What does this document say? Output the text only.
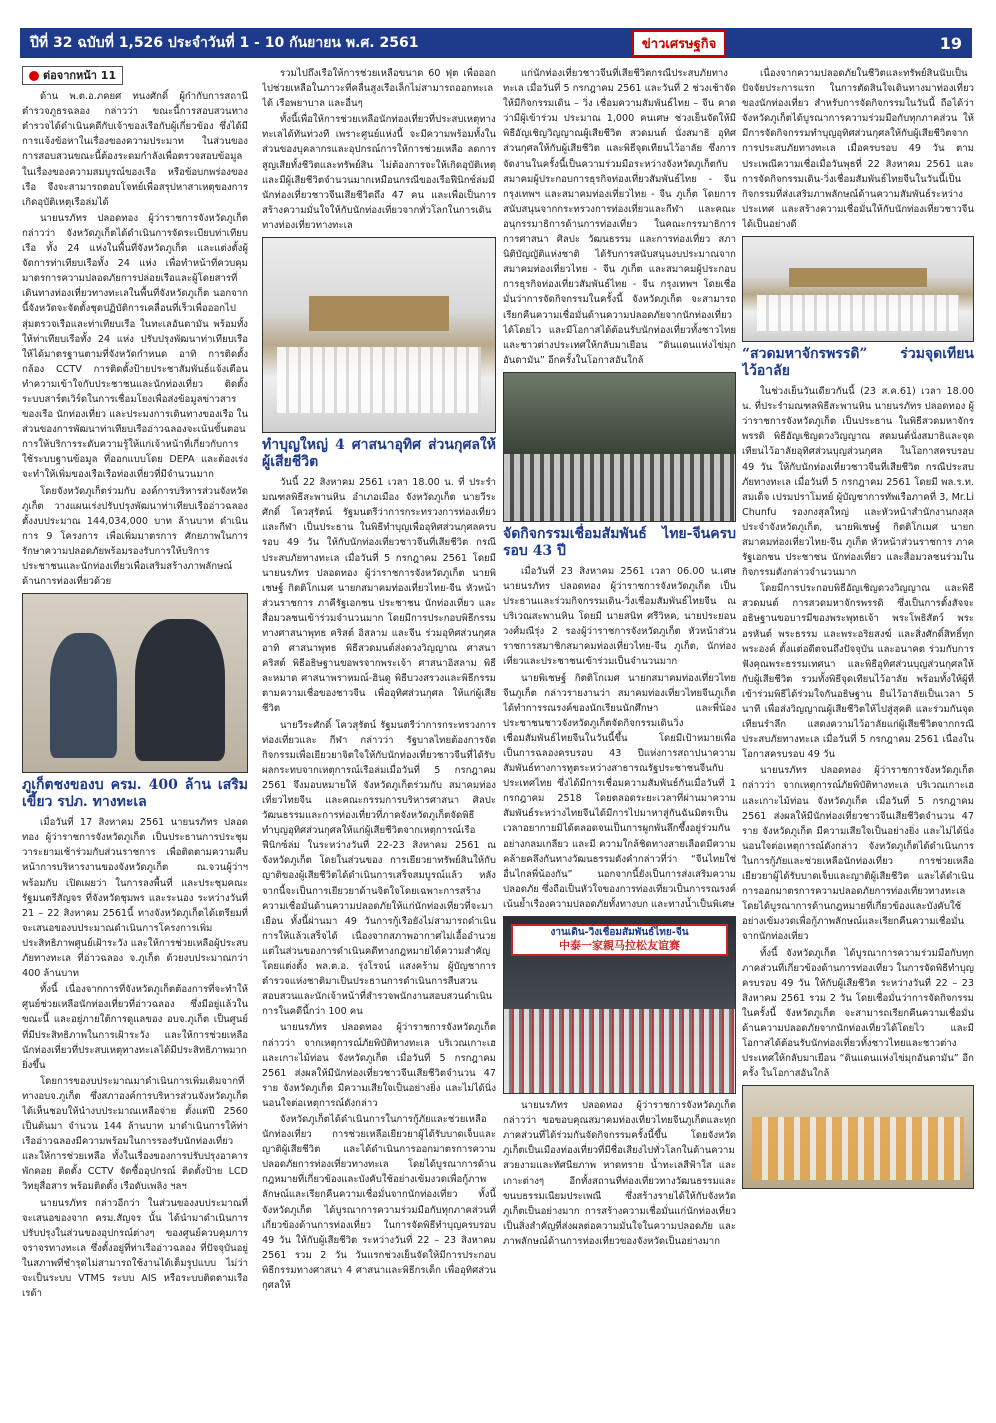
ปีที่ 32 ฉบับที่ 1,526 ประจำวันที่ 1 - 10 กันยายน พ.ศ. 2561	ข่าวเศรษฐกิจ	19
ต่อจากหน้า 11

ด้าน พ.ต.อ.ภคยศ ทนงศักดิ์ ผู้กำกับการสถานีตำรวจภูธรฉลอง กล่าวว่า ขณะนี้การสอบสวนทางตำรวจได้ดำเนินคดีกับเจ้าของเรือกับผู้เกี่ยวข้อง ซึ่งได้มีการแจ้งข้อหาในเรื่องของความประมาท ในส่วนของการสอบสวนขณะนี้ต้องระดมกำลังเพื่อตรวจสอบข้อมูลในเรื่องของความสมบูรณ์ของเรือ หรือข้อบกพร่องของเรือ จึงจะสามารถตอบโจทย์เพื่อสรุปหาสาเหตุของการเกิดอุบัติเหตุเรือล่มได้

นายนรภัทร ปลอดทอง ผู้ว่าราชการจังหวัดภูเก็ต กล่าวว่า จังหวัดภูเก็ตได้ดำเนินการจัดระเบียบท่าเทียบเรือ ทั้ง 24 แห่งในพื้นที่จังหวัดภูเก็ต และแต่งตั้งผู้จัดการท่าเทียบเรือทั้ง 24 แห่ง เพื่อทำหน้าที่ควบคุมมาตรการความปลอดภัยการปล่อยเรือและผู้โดยสารที่เดินทางท่องเที่ยวทางทะเลในพื้นที่จังหวัดภูเก็ต นอกจากนี้จังหวัดจะจัดตั้งชุดปฏิบัติการเคลื่อนที่เร็วเพื่อออกไปสุ่มตรวจเรือและท่าเทียบเรือ ในทะเลอันดามัน พร้อมทั้งให้ท่าเทียบเรือทั้ง 24 แห่ง ปรับปรุงพัฒนาท่าเทียบเรือให้ได้มาตรฐานตามที่จังหวัดกำหนด อาทิ การติดตั้งกล้อง CCTV การติดตั้งป้ายประชาสัมพันธ์แจ้งเตือนทำความเข้าใจกับประชาชนและนักท่องเที่ยว ติดตั้งระบบสาร์ตเวิร์ดในการเชื่อมโยงเพื่อส่งข้อมูลข่าวสาร ของเรือ นักท่องเที่ยว และประมงการเดินทางของเรือ ในส่วนของการพัฒนาท่าเทียบเรืออ่าวฉลองจะเน้นขั้นตอนการให้บริการระดับความรู้ให้แก่เจ้าหน้าที่เกี่ยวกับการใช้ระบบฐานข้อมูล ที่ออกแบบโดย DEPA และต้องเร่งจะทำให้เพิ่มของเรือเรือท่องเที่ยวที่มีจำนวนมาก

โดยจังหวัดภูเก็ตร่วมกับ องค์การบริหารส่วนจังหวัดภูเก็ต วางแผนเร่งปรับปรุงพัฒนาท่าเทียบเรืออ่าวฉลอง ตั้งงบประมาณ 144,034,000 บาท ล้านบาท ดำเนินการ 9 โครงการ เพื่อเพิ่มมาตรการ ศักยภาพในการรักษาความปลอดภัยพร้อมรองรับการให้บริการประชาชนและนักท่องเที่ยวเพื่อเสริมสร้างภาพลักษณ์ด้านการท่องเที่ยวด้วย

ภูเก็ตชงของบ ครม. 400 ล้าน เสริมเขี้ยว รปภ. ทางทะเล

เมื่อวันที่ 17 สิงหาคม 2561 นายนรภัทร ปลอดทอง ผู้ว่าราชการจังหวัดภูเก็ต เป็นประธานการประชุมวาระยามเช้าร่วมกับส่วนราชการ เพื่อติดตามความคืบหน้าการบริหารงานของจังหวัดภูเก็ต ณ.จวนผู้ว่าฯ พร้อมกับ เปิดเผยว่า ในการลงพื้นที่ และประชุมคณะรัฐมนตรีสัญจร ที่จังหวัดชุมพร และระนอง ระหว่างวันที่ 21 – 22 สิงหาคม 2561นี้ ทางจังหวัดภูเก็ตได้เตรียมที่จะเสนอของบประมาณดำเนินการโครงการเพิ่มประสิทธิภาพศูนย์เฝ้าระวัง และให้การช่วยเหลือผู้ประสบภัยทางทะเล ที่อ่าวฉลอง จ.ภูเก็ต ด้วยงบประมาณกว่า 400 ล้านบาท

ทั้งนี้ เนื่องจากการที่จังหวัดภูเก็ตต้องการที่จะทำให้ศูนย์ช่วยเหลือนักท่องเที่ยวที่อ่าวฉลอง ซึ่งมีอยู่แล้วในขณะนี้ และอยู่ภายใต้การดูแลของ อบจ.ภูเก็ต เป็นศูนย์ที่มีประสิทธิภาพในการเฝ้าระวัง และให้การช่วยเหลือนักท่องเที่ยวที่ประสบเหตุทางทะเลได้มีประสิทธิภาพมากยิ่งขึ้น

โดยการของบประมาณมาดำเนินการเพิ่มเติมจากที่ทางอบจ.ภูเก็ต ซึ่งสภาองค์การบริหารส่วนจังหวัดภูเก็ตได้เห็นชอบให้นำงบประมาณเหลือจ่าย ตั้งแต่ปี 2560 เป็นต้นมา จำนวน 144 ล้านบาท มาดำเนินการให้ท่าเรืออ่าวฉลองมีความพร้อมในการรองรับนักท่องเที่ยว และให้การช่วยเหลือ ทั้งในเรื่องของการปรับปรุงอาคารพักคอย ติดตั้ง CCTV จัดซื้ออุปกรณ์ ติดตั้งป้าย LCD วิทยุสื่อสาร พร้อมติดตั้ง เรือดับเพลิง ฯลฯ

นายนรภัทร กล่าวอีกว่า ในส่วนของงบประมาณที่จะเสนอของจาก ครม.สัญจร นั้น ได้นำมาดำเนินการปรับปรุงในส่วนของอุปกรณ์ต่างๆ ของศูนย์ควบคุมการจราจรทางทะเล ซึ่งตั้งอยู่ที่ท่าเรืออ่าวฉลอง ที่ปัจจุบันอยู่ในสภาพที่ชำรุดไม่สามารถใช้งานได้เต็มรูปแบบ ไม่ว่าจะเป็นระบบ VTMS ระบบ AIS หรือระบบติดตามเรือ เรด้า

รวมไปถึงเรือให้การช่วยเหลือขนาด 60 ฟุต เพื่อออกไปช่วยเหลือในภาวะที่คลื่นสูงเรือเล็กไม่สามารถออกทะเลได้ เรือพยาบาล และอื่นๆ

ทั้งนี้เพื่อให้การช่วยเหลือนักท่องเที่ยวที่ประสบเหตุทางทะเลได้ทันท่วงที เพราะศูนย์แห่งนี้ จะมีความพร้อมทั้งในส่วนของบุคลากรและอุปกรณ์การให้การช่วยเหลือ ลดการสูญเสียทั้งชีวิตและทรัพย์สิน ไม่ต้องการจะให้เกิดอุบัติเหตุและมีผู้เสียชีวิตจำนวนมากเหมือนกรณีของเรือฟีนิกซ์ล่มมีนักท่องเที่ยวชาวจีนเสียชีวิตถึง 47 คน และเพื่อเป็นการสร้างความมั่นใจให้กับนักท่องเที่ยวจากทั่วโลกในการเดินทางท่องเที่ยวทางทะเล

ทำบุญใหญ่ 4 ศาสนาอุทิศ ส่วนกุศลให้ผู้เสียชีวิต

วันนี้ 22 สิงหาคม 2561 เวลา 18.00 น. ที่ ประรำมณฑลพิธีสะพานหิน อำเภอเมือง จังหวัดภูเก็ต นายวีระศักดิ์ โควสุรัตน์ รัฐมนตรีว่าการกระทรวงการท่องเที่ยวและกีฬา เป็นประธาน ในพิธีทำบุญเพื่ออุทิศส่วนกุศลครบรอบ 49 วัน ให้กับนักท่องเที่ยวชาวจีนที่เสียชีวิต กรณีประสบภัยทางทะเล เมื่อวันที่ 5 กรกฎาคม 2561 โดยมี นายนรภัทร ปลอดทอง ผู้ว่าราชการจังหวัดภูเก็ต นายพิเชษฐ์ กิตติโกเมศ นายกสมาคมท่องเที่ยวไทย-จีน หัวหน้าส่วนราชการ ภาคีรัฐเอกชน ประชาชน นักท่องเที่ยว และสื่อมวลชนเข้าร่วมจำนวนมาก โดยมีการประกอบพิธีกรรมทางศาสนาพุทธ คริสต์ อิสลาม และจีน ร่วมอุทิศส่วนกุศล อาทิ ศาสนาพุทธ พิธีสวดมนต์ส่งดวงวิญญาณ ศาสนาคริสต์ พิธีอธิษฐานขอพรจากพระเจ้า ศาสนาอิสลาม พิธีละหมาด ศาสนาพราหมณ์-ฮินดู พิธีบวงสรวงและพิธีกรรมตามความเชื่อของชาวจีน เพื่ออุทิศส่วนกุศล ให้แก่ผู้เสียชีวิต

นายวีระศักดิ์ โควสุรัตน์ รัฐมนตรีว่าการกระทรวงการท่องเที่ยวและ กีฬา กล่าวว่า รัฐบาลไทยต้องการจัดกิจกรรมเพื่อเยียวยาจิตใจให้กับนักท่องเที่ยวชาวจีนที่ได้รับผลกระทบจากเหตุการณ์เรือล่มเมื่อวันที่ 5 กรกฎาคม 2561 จึงมอบหมายให้ จังหวัดภูเก็ตร่วมกับ สมาคมท่องเที่ยวไทยจีน และคณะกรรมการบริหารศาสนา ศิลปะ วัฒนธรรมและการท่องเที่ยวที่ภาคจังหวัดภูเก็ตจัดพิธีทำบุญอุทิศส่วนกุศลให้แก่ผู้เสียชีวิตจากเหตุการณ์เรือฟีนิกซ์ล่ม ในระหว่างวันที่ 22-23 สิงหาคม 2561 ณ จังหวัดภูเก็ต โดยในส่วนของ การเยียวยาทรัพย์สินให้กับญาติของผู้เสียชีวิตได้ดำเนินการเสร็จสมบูรณ์แล้ว หลังจากนี้จะเป็นการเยียวยาด้านจิตใจโดยเฉพาะการสร้างความเชื่อมั่นด้านความปลอดภัยให้แก่นักท่องเที่ยวที่จะมาเยือน ทั้งนี้ผ่านมา 49 วันการกู้เรือยังไม่สามารถดำเนินการให้แล้วเสร็จได้ เนื่องจากสภาพอากาศไม่เอื้ออำนวย แต่ในส่วนของการดำเนินคดีทางกฎหมายได้ความสำคัญโดยแต่งตั้ง พล.ต.อ. รุ่งโรจน์ แสงคร้าม ผู้บัญชาการตำรวจแห่งชาติมาเป็นประธานการดำเนินการสืบสวนสอบสวนและนักเจ้าหน้าที่สำรวจพนักงานสอบสวนดำเนินการในคดีนี้กว่า 100 คน

นายนรภัทร ปลอดทอง ผู้ว่าราชการจังหวัดภูเก็ต กล่าวว่า จากเหตุการณ์ภัยพิบัติทางทะเล บริเวณเกาะเฮและเกาะไม้ท่อน จังหวัดภูเก็ต เมื่อวันที่ 5 กรกฎาคม 2561 ส่งผลให้มีนักท่องเที่ยวชาวจีนเสียชีวิตจำนวน 47 ราย จังหวัดภูเก็ต มีความเสียใจเป็นอย่างยิ่ง และไม่ได้นิ่งนอนใจต่อเหตุการณ์ดังกล่าว

จังหวัดภูเก็ตได้ดำเนินการในการกู้ภัยและช่วยเหลือนักท่องเที่ยว การช่วยเหลือเยียวยาผู้ได้รับบาดเจ็บและญาติผู้เสียชีวิต และได้ดำเนินการออกมาตรการความปลอดภัยการท่องเที่ยวทางทะเล โดยได้บูรณาการด้านกฎหมายที่เกี่ยวข้องและบังคับใช้อย่างเข้มงวดเพื่อกู้ภาพลักษณ์และเรียกคืนความเชื่อมั่นจากนักท่องเที่ยว ทั้งนี้ จังหวัดภูเก็ต ได้บูรณาการความร่วมมือกับทุกภาคส่วนที่เกี่ยวข้องด้านการท่องเที่ยว ในการจัดพิธีทำบุญครบรอบ 49 วัน ให้กับผู้เสียชีวิต ระหว่างวันที่ 22 – 23 สิงหาคม 2561 รวม 2 วัน วันแรกช่วงเย็นจัดให้มีการประกอบพิธีกรรมทางศาสนา 4 ศาสนาและพิธีกรเด็ก เพื่ออุทิศส่วนกุศลให้

แก่นักท่องเที่ยวชาวจีนที่เสียชีวิตกรณีประสบภัยทางทะเล เมื่อวันที่ 5 กรกฎาคม 2561 และวันที่ 2 ช่วงเช้าจัดให้มีกิจกรรมเดิน – วิ่ง เชื่อมความสัมพันธ์ไทย – จีน คาดว่ามีผู้เข้าร่วม ประมาณ 1,000 คนเศษ ช่วงเย็นจัดให้มีพิธีอัญเชิญวิญญาณผู้เสียชีวิต สวดมนต์ นั่งสมาธิ อุทิศส่วนกุศลให้กับผู้เสียชีวิต และพิธีจุดเทียนไว้อาลัย ซึ่งการจัดงานในครั้งนี้เป็นความร่วมมือระหว่างจังหวัดภูเก็ตกับสมาคมผู้ประกอบการธุรกิจท่องเที่ยวสัมพันธ์ไทย - จีน กรุงเทพฯ และสมาคมท่องเที่ยวไทย - จีน ภูเก็ต โดยการสนับสนุนจากกระทรวงการท่องเที่ยวและกีฬา และคณะอนุกรรมาธิการด้านการท่องเที่ยว ในคณะกรรมาธิการการศาสนา ศิลปะ วัฒนธรรม และการท่องเที่ยว สภานิติบัญญัติแห่งชาติ ได้รับการสนับสนุนงบประมาณจากสมาคมท่องเที่ยวไทย - จีน ภูเก็ต และสมาคมผู้ประกอบการธุรกิจท่องเที่ยวสัมพันธ์ไทย - จีน กรุงเทพฯ โดยเชื่อมั่นว่าการจัดกิจกรรมในครั้งนี้ จังหวัดภูเก็ต จะสามารถเรียกคืนความเชื่อมั่นด้านความปลอดภัยจากนักท่องเที่ยวได้โดยไว และมีโอกาสได้ต้อนรับนักท่องเที่ยวทั้งชาวไทยและชาวต่างประเทศให้กลับมาเยือน “ดินแดนแห่งไข่มุกอันดามัน” อีกครั้งในโอกาสอันใกล้

จัดกิจกรรมเชื่อมสัมพันธ์ ไทย-จีนครบรอบ 43 ปี

เมื่อวันที่ 23 สิงหาคม 2561 เวลา 06.00 น.เศษ นายนรภัทร ปลอดทอง ผู้ว่าราชการจังหวัดภูเก็ต เป็นประธานและร่วมกิจกรรมเดิน-วิ่งเชื่อมสัมพันธ์ไทยจีน ณ บริเวณสะพานหิน โดยมี นายสนิท ศรีวิหค, นายประยอน วงศ์มณีรุ่ง 2 รองผู้ว่าราชการจังหวัดภูเก็ต หัวหน้าส่วนราชการสมาชิกสมาคมท่องเที่ยวไทย-จีน ภูเก็ต, นักท่องเที่ยวและประชาชนเข้าร่วมเป็นจำนวนมาก

นายพิเชษฐ์ กิตติโกเมศ นายกสมาคมท่องเที่ยวไทยจีนภูเก็ต กล่าวรายงานว่า สมาคมท่องเที่ยวไทยจีนภูเก็ตได้ทำการรณรงค์ของนักเรียนนักศึกษา และพี่น้องประชาชนชาวจังหวัดภูเก็ตจัดกิจกรรมเดินวิ่งเชื่อมสัมพันธ์ไทยจีนในวันนี้ขึ้น โดยมีเป้าหมายเพื่อเป็นการฉลองครบรอบ 43 ปีแห่งการสถาปนาความสัมพันธ์ทางการทูตระหว่างสาธารณรัฐประชาชนจีนกับประเทศไทย ซึ่งได้มีการเชื่อมความสัมพันธ์กันเมื่อวันที่ 1 กรกฎาคม 2518 โดยตลอดระยะเวลาที่ผ่านมาความสัมพันธ์ระหว่างไทยจีนได้มีการไปมาหาสู่กันฉันมิตรเป็นเวลาอยากายมิได้ตลอดจนเป็นการผูกพันลึกซึ้งอยู่ร่วมกันอย่างกลมเกลียว และมี ความใกล้ชิดทางสายเลือดมีความคล้ายคลึงกันทางวัฒนธรรมดังคำกล่าวที่ว่า “จีนไทยใช่อื่นไกลพี่น้องกัน” นอกจากนี้ยังเป็นการส่งเสริมความปลอดภัย ซึ่งถือเป็นหัวใจของการท่องเที่ยวเป็นการรณรงค์เน้นย้ำเรื่องความปลอดภัยทั้งทางบก และทางน้ำเป็นพิเศษ

งานเดิน-วิ่งเชื่อมสัมพันธ์ไทย-จีน
中泰一家親马拉松友谊赛

นายนรภัทร ปลอดทอง ผู้ว่าราชการจังหวัดภูเก็ต กล่าวว่า ขอขอบคุณสมาคมท่องเที่ยวไทยจีนภูเก็ตและทุกภาคส่วนที่ได้ร่วมกันจัดกิจกรรมครั้งนี้ขึ้น โดยจังหวัดภูเก็ตเป็นเมืองท่องเที่ยวที่มีชื่อเสียงไปทั่วโลกในด้านความสวยงามและทัศนียภาพ หาดทราย น้ำทะเลสีฟ้าใส และเกาะต่างๆ อีกทั้งสถานที่ท่องเที่ยวทางวัฒนธรรมและขนบธรรมเนียมประเพณี ซึ่งสร้างรายได้ให้กับจังหวัดภูเก็ตเป็นอย่างมาก การสร้างความเชื่อมั่นแก่นักท่องเที่ยวเป็นสิ่งสำคัญที่ส่งผลต่อความมั่นใจในความปลอดภัย และภาพลักษณ์ด้านการท่องเที่ยวของจังหวัดเป็นอย่างมาก

เนื่องจากความปลอดภัยในชีวิตและทรัพย์สินนับเป็นปัจจัยประการแรก ในการตัดสินใจเดินทางมาท่องเที่ยวของนักท่องเที่ยว สำหรับการจัดกิจกรรมในวันนี้ ถือได้ว่าจังหวัดภูเก็ตได้บูรณาการความร่วมมือกับทุกภาคส่วน ให้มีการจัดกิจกรรมทำบุญอุทิศส่วนกุศลให้กับผู้เสียชีวิตจากการประสบภัยทางทะเล เมื่อครบรอบ 49 วัน ตามประเพณีความเชื่อเมื่อวันพุธที่ 22 สิงหาคม 2561 และการจัดกิจกรรมเดิน-วิ่งเชื่อมสัมพันธ์ไทยจีนในวันนี้เป็นกิจกรรมที่ส่งเสริมภาพลักษณ์ด้านความสัมพันธ์ระหว่างประเทศ และสร้างความเชื่อมั่นให้กับนักท่องเที่ยวชาวจีนได้เป็นอย่างดี

“สวดมหาจักรพรรดิ” ร่วมจุดเทียนไว้อาลัย

ในช่วงเย็นวันเดียวกันนี้ (23 ส.ค.61) เวลา 18.00 น. ที่ประรำมณฑลพิธีสะพานหิน นายนรภัทร ปลอดทอง ผู้ว่าราชการจังหวัดภูเก็ต เป็นประธาน ในพิธีสวดมหาจักรพรรดิ พิธีอัญเชิญดวงวิญญาณ สดมนต์นั่งสมาธิและจุดเทียนไว้อาลัยอุทิศส่วนบุญส่วนกุศล ในโอกาสครบรอบ 49 วัน ให้กับนักท่องเที่ยวชาวจีนที่เสียชีวิต กรณีประสบภัยทางทะเล เมื่อวันที่ 5 กรกฎาคม 2561 โดยมี พล.ร.ท. สมเด็จ เปรมปราโมทย์ ผู้บัญชาการทัพเรือภาคที่ 3, Mr.Li Chunfu รองกงสุลใหญ่ และหัวหน้าสำนักงานกงสุลประจำจังหวัดภูเก็ต, นายพิเชษฐ์ กิตติโกเมศ นายกสมาคมท่องเที่ยวไทย-จีน ภูเก็ต หัวหน้าส่วนราชการ ภาครัฐเอกชน ประชาชน นักท่องเที่ยว และสื่อมวลชนร่วมในกิจกรรมดังกล่าวจำนวนมาก

โดยมีการประกอบพิธีอัญเชิญดวงวิญญาณ และพิธีสวดมนต์ การสวดมหาจักรพรรดิ ซึ่งเป็นการตั้งสัจจะอธิษฐานขอบารมีของพระพุทธเจ้า พระโพธิสัตว์ พระอรหันต์ พระธรรม และพระอริยสงฆ์ และสิ่งศักดิ์สิทธิ์ทุกพระองค์ ตั้งแต่อดีตจนถึงปัจจุบัน และอนาคต ร่วมกับการฟังคุณพระธรรมเทศนา และพิธีอุทิศส่วนบุญส่วนกุศลให้กับผู้เสียชีวิต รวมทั้งพิธีจุดเทียนไว้อาลัย พร้อมทั้งให้ผู้ที่เข้าร่วมพิธีได้ร่วมใจกันอธิษฐาน ยืนไว้อาลัยเป็นเวลา 5 นาที เพื่อส่งวิญญาณผู้เสียชีวิตให้ไปสู่สุคติ และร่วมกันจุดเทียนรำลึก แสดงความไว้อาลัยแก่ผู้เสียชีวิตจากกรณีประสบภัยทางทะเล เมื่อวันที่ 5 กรกฎาคม 2561 เนื่องในโอกาสครบรอบ 49 วัน

นายนรภัทร ปลอดทอง ผู้ว่าราชการจังหวัดภูเก็ต กล่าวว่า จากเหตุการณ์ภัยพิบัติทางทะเล บริเวณเกาะเฮ และเกาะไม้ท่อน จังหวัดภูเก็ต เมื่อวันที่ 5 กรกฎาคม 2561 ส่งผลให้มีนักท่องเที่ยวชาวจีนเสียชีวิตจำนวน 47 ราย จังหวัดภูเก็ต มีความเสียใจเป็นอย่างยิ่ง และไม่ได้นิ่งนอนใจต่อเหตุการณ์ดังกล่าว จังหวัดภูเก็ตได้ดำเนินการในการกู้ภัยและช่วยเหลือนักท่องเที่ยว การช่วยเหลือเยียวยาผู้ได้รับบาดเจ็บและญาติผู้เสียชีวิต และได้ดำเนินการออกมาตรการความปลอดภัยการท่องเที่ยวทางทะเล โดยได้บูรณาการด้านกฎหมายที่เกี่ยวข้องและบังคับใช้อย่างเข้มงวดเพื่อกู้ภาพลักษณ์และเรียกคืนความเชื่อมั่นจากนักท่องเที่ยว

ทั้งนี้ จังหวัดภูเก็ต ได้บูรณาการความร่วมมือกับทุกภาคส่วนที่เกี่ยวข้องด้านการท่องเที่ยว ในการจัดพิธีทำบุญครบรอบ 49 วัน ให้กับผู้เสียชีวิต ระหว่างวันที่ 22 – 23 สิงหาคม 2561 รวม 2 วัน โดยเชื่อมั่นว่าการจัดกิจกรรมในครั้งนี้ จังหวัดภูเก็ต จะสามารถเรียกคืนความเชื่อมั่นด้านความปลอดภัยจากนักท่องเที่ยวได้โดยไว และมีโอกาสได้ต้อนรับนักท่องเที่ยวทั้งชาวไทยและชาวต่างประเทศให้กลับมาเยือน “ดินแดนแห่งไข่มุกอันดามัน” อีกครั้ง ในโอกาสอันใกล้
